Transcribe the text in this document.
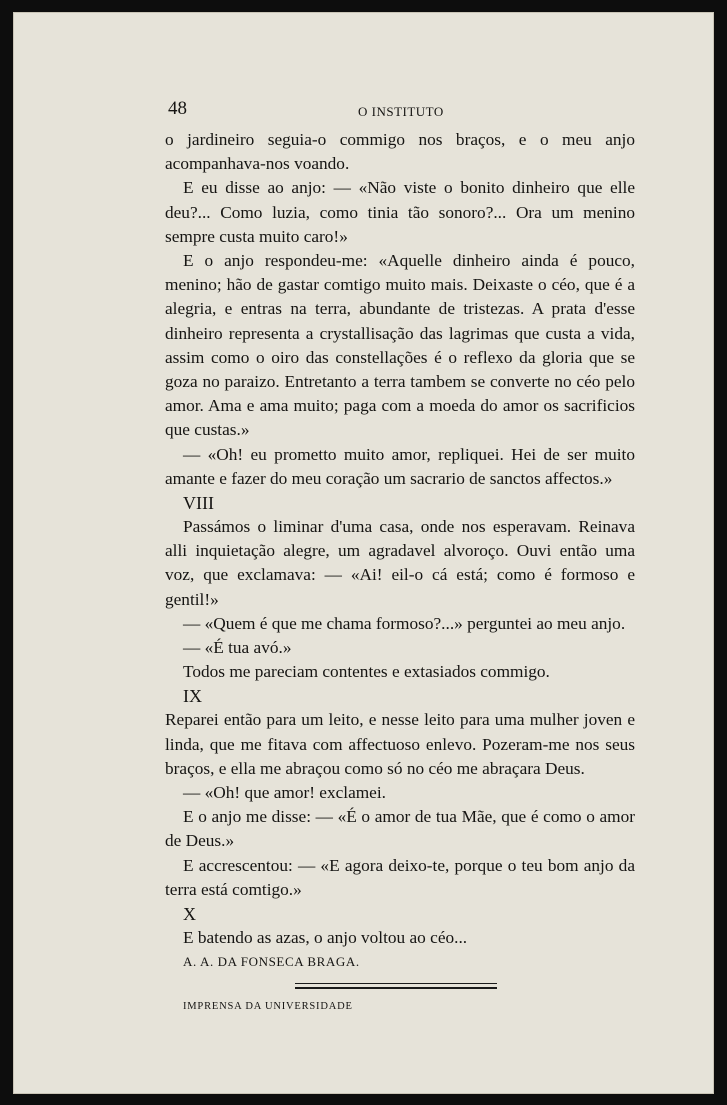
48	O INSTITUTO

o jardineiro seguia-o commigo nos braços, e o meu anjo acompanhava-nos voando.

E eu disse ao anjo: — «Não viste o bonito dinheiro que elle deu?... Como luzia, como tinia tão sonoro?... Ora um menino sempre custa muito caro!»

E o anjo respondeu-me: «Aquelle dinheiro ainda é pouco, menino; hão de gastar comtigo muito mais. Deixaste o céo, que é a alegria, e entras na terra, abundante de tristezas. A prata d'esse dinheiro representa a crystallisação das lagrimas que custa a vida, assim como o oiro das constellações é o reflexo da gloria que se goza no paraizo. Entretanto a terra tambem se converte no céo pelo amor. Ama e ama muito; paga com a moeda do amor os sacrificios que custas.»

— «Oh! eu prometto muito amor, repliquei. Hei de ser muito amante e fazer do meu coração um sacrario de sanctos affectos.»

VIII

Passámos o liminar d'uma casa, onde nos esperavam. Reinava alli inquietação alegre, um agradavel alvoroço. Ouvi então uma voz, que exclamava: — «Ai! eil-o cá está; como é formoso e gentil!»

— «Quem é que me chama formoso?...» perguntei ao meu anjo.

— «É tua avó.»

Todos me pareciam contentes e extasiados commigo.

IX

Reparei então para um leito, e nesse leito para uma mulher joven e linda, que me fitava com affectuoso enlevo. Pozeram-me nos seus braços, e ella me abraçou como só no céo me abraçara Deus.

— «Oh! que amor! exclamei.

E o anjo me disse: — «É o amor de tua Mãe, que é como o amor de Deus.»

E accrescentou: — «E agora deixo-te, porque o teu bom anjo da terra está comtigo.»

X

E batendo as azas, o anjo voltou ao céo...

A. A. DA FONSECA BRAGA.

IMPRENSA DA UNIVERSIDADE
